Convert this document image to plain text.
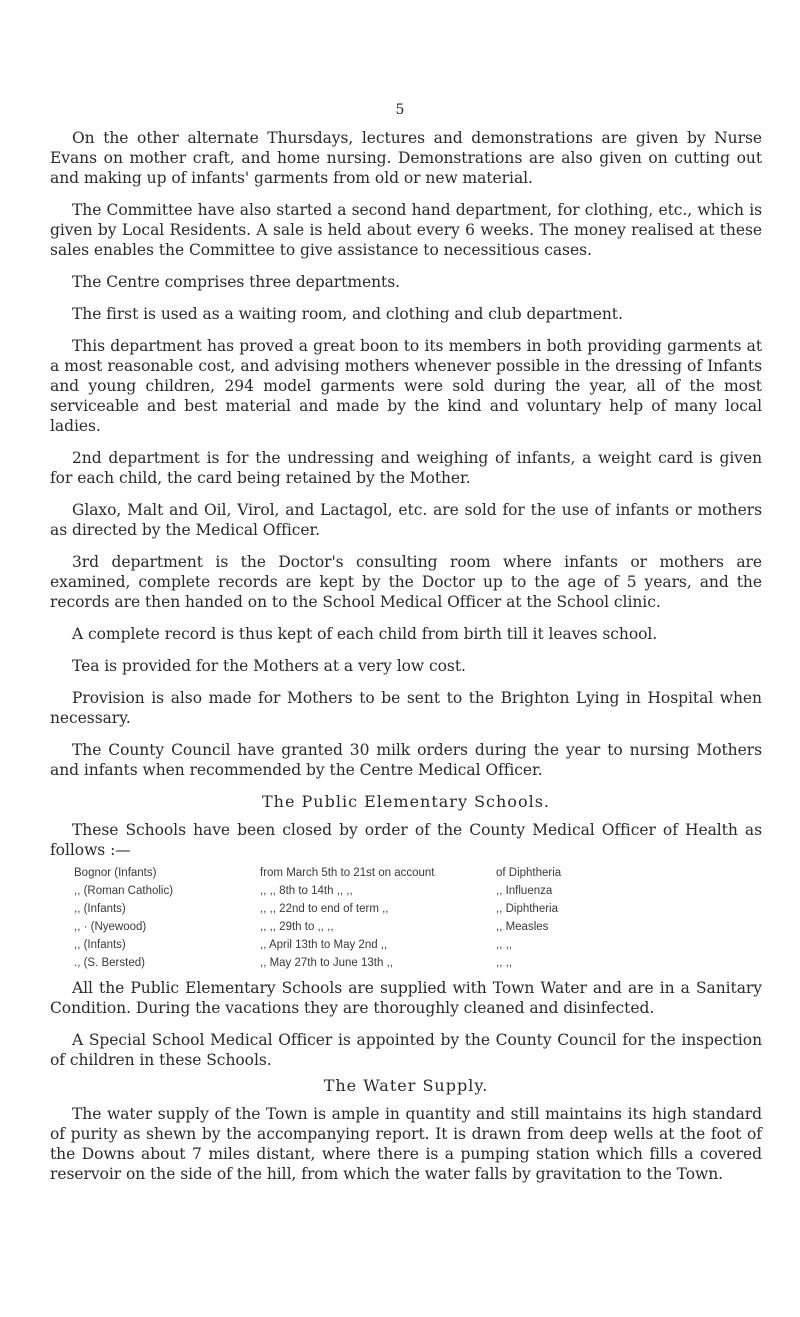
5

On the other alternate Thursdays, lectures and demonstrations are given by Nurse Evans on mother craft, and home nursing. Demonstrations are also given on cutting out and making up of infants' garments from old or new material.

The Committee have also started a second hand department, for clothing, etc., which is given by Local Residents. A sale is held about every 6 weeks. The money realised at these sales enables the Committee to give assistance to necessitious cases.

The Centre comprises three departments.

The first is used as a waiting room, and clothing and club department.

This department has proved a great boon to its members in both providing garments at a most reasonable cost, and advising mothers whenever possible in the dressing of Infants and young children, 294 model garments were sold during the year, all of the most serviceable and best material and made by the kind and voluntary help of many local ladies.

2nd department is for the undressing and weighing of infants, a weight card is given for each child, the card being retained by the Mother.

Glaxo, Malt and Oil, Virol, and Lactagol, etc. are sold for the use of infants or mothers as directed by the Medical Officer.

3rd department is the Doctor's consulting room where infants or mothers are examined, complete records are kept by the Doctor up to the age of 5 years, and the records are then handed on to the School Medical Officer at the School clinic.

A complete record is thus kept of each child from birth till it leaves school.

Tea is provided for the Mothers at a very low cost.

Provision is also made for Mothers to be sent to the Brighton Lying in Hospital when necessary.

The County Council have granted 30 milk orders during the year to nursing Mothers and infants when recommended by the Centre Medical Officer.

The Public Elementary Schools.

These Schools have been closed by order of the County Medical Officer of Health as follows :—

Bognor (Infants)	from March 5th to 21st on account	of Diphtheria
,, (Roman Catholic)	,, ,, 8th to 14th ,, ,,	,, Influenza
,, (Infants)	,, ,, 22nd to end of term ,,	,, Diphtheria
,, · (Nyewood)	,, ,, 29th to ,, ,,	,, Measles
,, (Infants)	,, April 13th to May 2nd ,,	,, ,,
., (S. Bersted)	,, May 27th to June 13th ,,	,, ,,

All the Public Elementary Schools are supplied with Town Water and are in a Sanitary Condition. During the vacations they are thoroughly cleaned and disinfected.

A Special School Medical Officer is appointed by the County Council for the inspection of children in these Schools.

The Water Supply.

The water supply of the Town is ample in quantity and still maintains its high standard of purity as shewn by the accompanying report. It is drawn from deep wells at the foot of the Downs about 7 miles distant, where there is a pumping station which fills a covered reservoir on the side of the hill, from which the water falls by gravitation to the Town.
